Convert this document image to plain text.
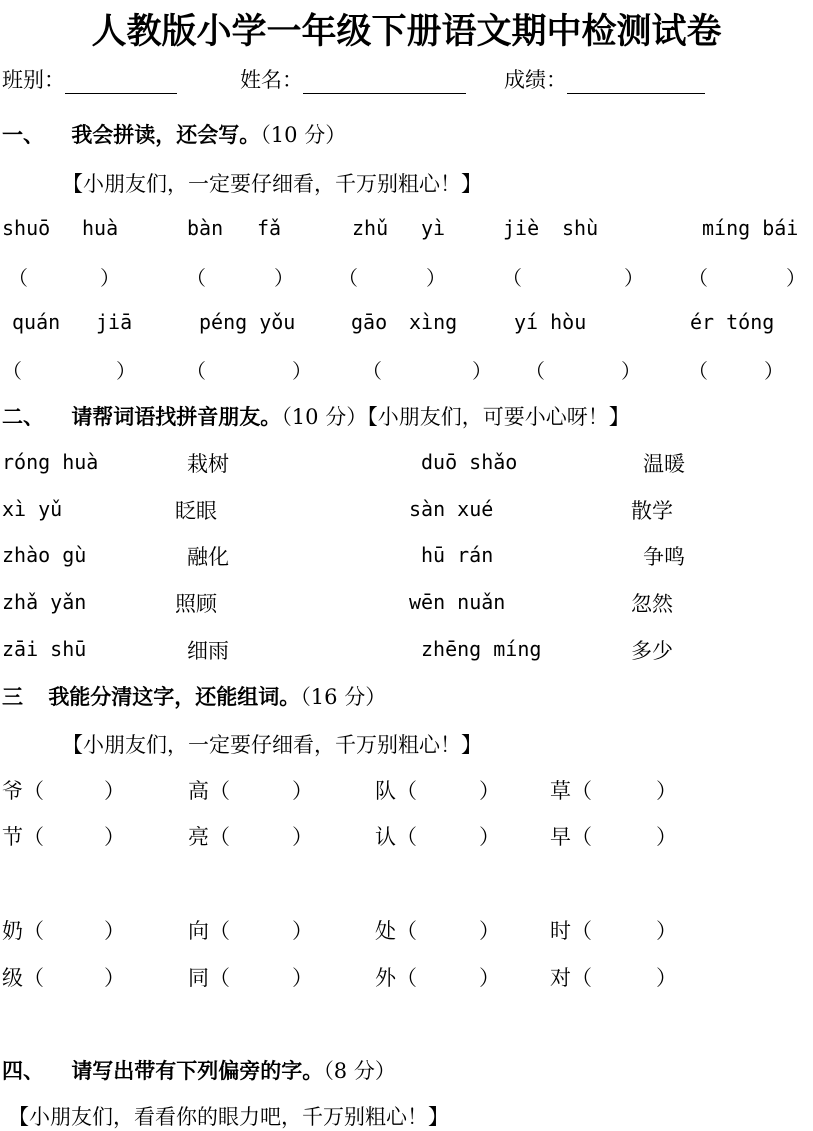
人教版小学一年级下册语文期中检测试卷
班别：	姓名：	成绩：
一、 我会拼读，还会写。（10 分）
【小朋友们，一定要仔细看，千万别粗心！】
shuō huà	bàn fǎ	zhǔ yì	jiè shù	míng bái
（	）	（	） （	）	（	） （	）
quán jiā	péng yǒu	gāo xìng	yí hòu	ér tóng
（	）	（	）	（	） （	） （	）
二、 请帮词语找拼音朋友。（10 分）【小朋友们，可要小心呀！】
róng huà	栽树	duō shǎo	温暖
xì yǔ	眨眼	sàn xué	散学
zhào gù	融化	hū rán	争鸣
zhǎ yǎn	照顾	wēn nuǎn	忽然
zāi shū	细雨	zhēng míng	多少
三 我能分清这字，还能组词。（16 分）
【小朋友们，一定要仔细看，千万别粗心！】
爷（	）	高（	）	队（	） 草（	）
节（	）	亮（	）	认（	） 早（	）
奶（	）	向（	）	处（	） 时（	）
级（	）	同（	）	外（	） 对（	）
四、 请写出带有下列偏旁的字。（8 分）
【小朋友们，看看你的眼力吧，千万别粗心！】
